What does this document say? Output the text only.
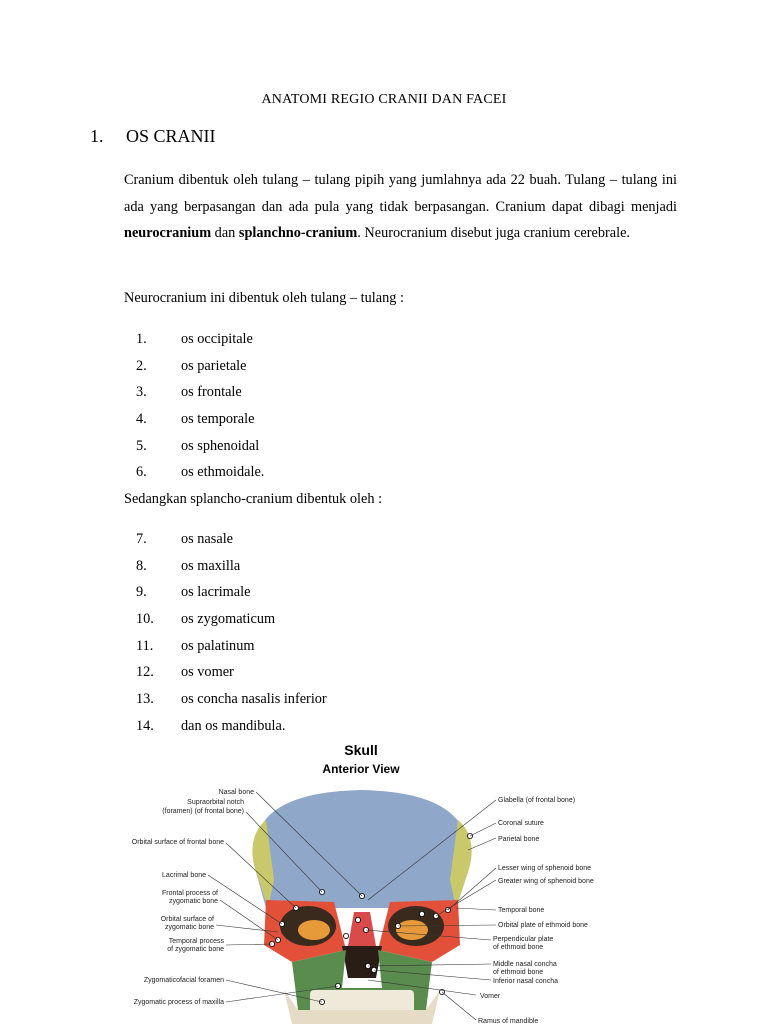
ANATOMI REGIO CRANII DAN FACEI
1. OS CRANII
Cranium dibentuk oleh tulang – tulang pipih yang jumlahnya ada 22 buah. Tulang – tulang ini ada yang berpasangan dan ada pula yang tidak berpasangan. Cranium dapat dibagi menjadi neurocranium dan splanchno-cranium. Neurocranium disebut juga cranium cerebrale.
Neurocranium ini dibentuk oleh tulang – tulang :
1. os occipitale
2. os parietale
3. os frontale
4. os temporale
5. os sphenoidal
6. os ethmoidale.
Sedangkan splancho-cranium dibentuk oleh :
7. os nasale
8. os maxilla
9. os lacrimale
10. os zygomaticum
11. os palatinum
12. os vomer
13. os concha nasalis inferior
14. dan os mandibula.
Nasal bone
Supraorbital notch
(foramen) (of frontal bone)
Orbital surface of frontal bone
Lacrimal bone
Frontal process of
zygomatic bone
Orbital surface of
zygomatic bone
Temporal process
of zygomatic bone
Zygomaticofacial foramen
Zygomatic process of maxilla
Glabella (of frontal bone)
Coronal suture
Parietal bone
Lesser wing of sphenoid bone
Greater wing of sphenoid bone
Temporal bone
Orbital plate of ethmoid bone
Perpendicular plate
of ethmoid bone
Middle nasal concha
of ethmoid bone
Inferior nasal concha
Vomer
Ramus of mandible
Skull
Anterior View
